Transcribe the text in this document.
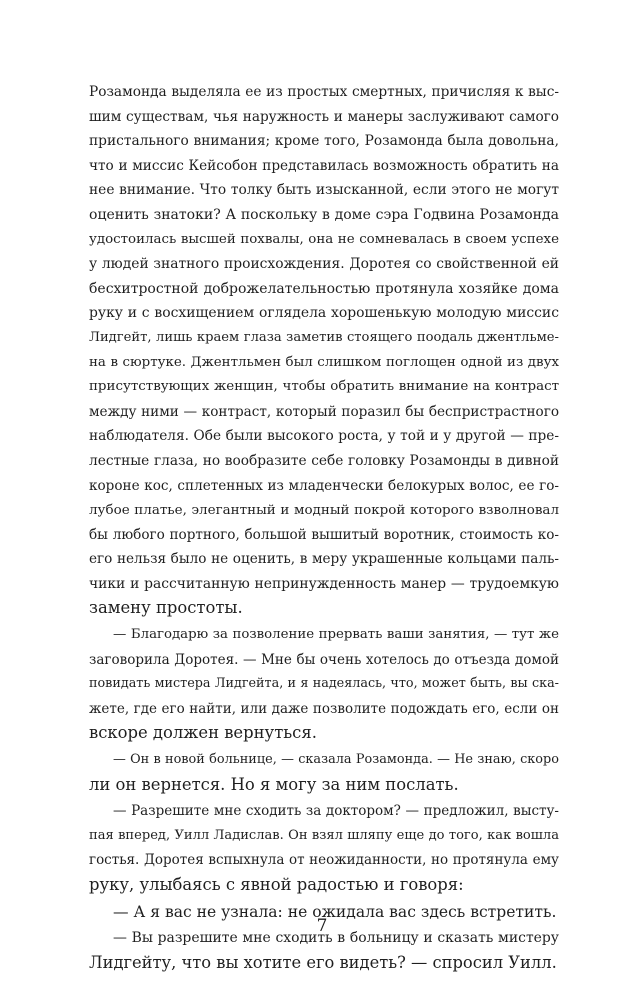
Розамонда выделяла ее из простых смертных, причисляя к выс-
шим существам, чья наружность и манеры заслуживают самого
пристального внимания; кроме того, Розамонда была довольна,
что и миссис Кейсобон представилась возможность обратить на
нее внимание. Что толку быть изысканной, если этого не могут
оценить знатоки? А поскольку в доме сэра Годвина Розамонда
удостоилась высшей похвалы, она не сомневалась в своем успехе
у людей знатного происхождения. Доротея со свойственной ей
бесхитростной доброжелательностью протянула хозяйке дома
руку и с восхищением оглядела хорошенькую молодую миссис
Лидгейт, лишь краем глаза заметив стоящего поодаль джентльме-
на в сюртуке. Джентльмен был слишком поглощен одной из двух
присутствующих женщин, чтобы обратить внимание на контраст
между ними — контраст, который поразил бы беспристрастного
наблюдателя. Обе были высокого роста, у той и у другой — пре-
лестные глаза, но вообразите себе головку Розамонды в дивной
короне кос, сплетенных из младенчески белокурых волос, ее го-
лубое платье, элегантный и модный покрой которого взволновал
бы любого портного, большой вышитый воротник, стоимость ко-
его нельзя было не оценить, в меру украшенные кольцами паль-
чики и рассчитанную непринужденность манер — трудоемкую
замену простоты.
— Благодарю за позволение прервать ваши занятия, — тут же
заговорила Доротея. — Мне бы очень хотелось до отъезда домой
повидать мистера Лидгейта, и я надеялась, что, может быть, вы ска-
жете, где его найти, или даже позволите подождать его, если он
вскоре должен вернуться.
— Он в новой больнице, — сказала Розамонда. — Не знаю, скоро
ли он вернется. Но я могу за ним послать.
— Разрешите мне сходить за доктором? — предложил, высту-
пая вперед, Уилл Ладислав. Он взял шляпу еще до того, как вошла
гостья. Доротея вспыхнула от неожиданности, но протянула ему
руку, улыбаясь с явной радостью и говоря:
— А я вас не узнала: не ожидала вас здесь встретить.
— Вы разрешите мне сходить в больницу и сказать мистеру
Лидгейту, что вы хотите его видеть? — спросил Уилл.
7
